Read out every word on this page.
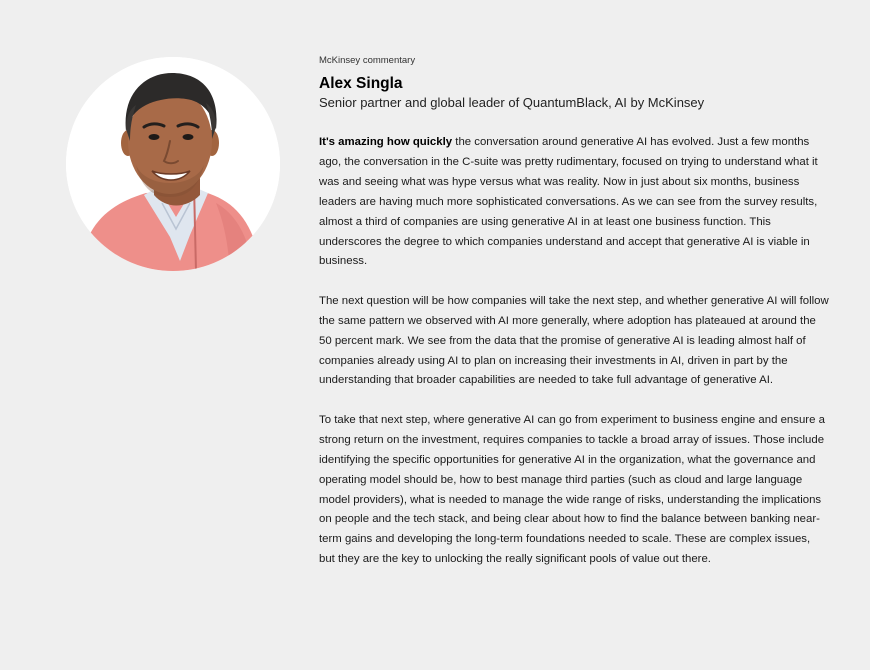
McKinsey commentary

Alex Singla

Senior partner and global leader of QuantumBlack, AI by McKinsey

It's amazing how quickly the conversation around generative AI has evolved. Just a few months ago, the conversation in the C-suite was pretty rudimentary, focused on trying to understand what it was and seeing what was hype versus what was reality. Now in just about six months, business leaders are having much more sophisticated conversations. As we can see from the survey results, almost a third of companies are using generative AI in at least one business function. This underscores the degree to which companies understand and accept that generative AI is viable in business.

The next question will be how companies will take the next step, and whether generative AI will follow the same pattern we observed with AI more generally, where adoption has plateaued at around the 50 percent mark. We see from the data that the promise of generative AI is leading almost half of companies already using AI to plan on increasing their investments in AI, driven in part by the understanding that broader capabilities are needed to take full advantage of generative AI.

To take that next step, where generative AI can go from experiment to business engine and ensure a strong return on the investment, requires companies to tackle a broad array of issues. Those include identifying the specific opportunities for generative AI in the organization, what the governance and operating model should be, how to best manage third parties (such as cloud and large language model providers), what is needed to manage the wide range of risks, understanding the implications on people and the tech stack, and being clear about how to find the balance between banking near-term gains and developing the long-term foundations needed to scale. These are complex issues, but they are the key to unlocking the really significant pools of value out there.
